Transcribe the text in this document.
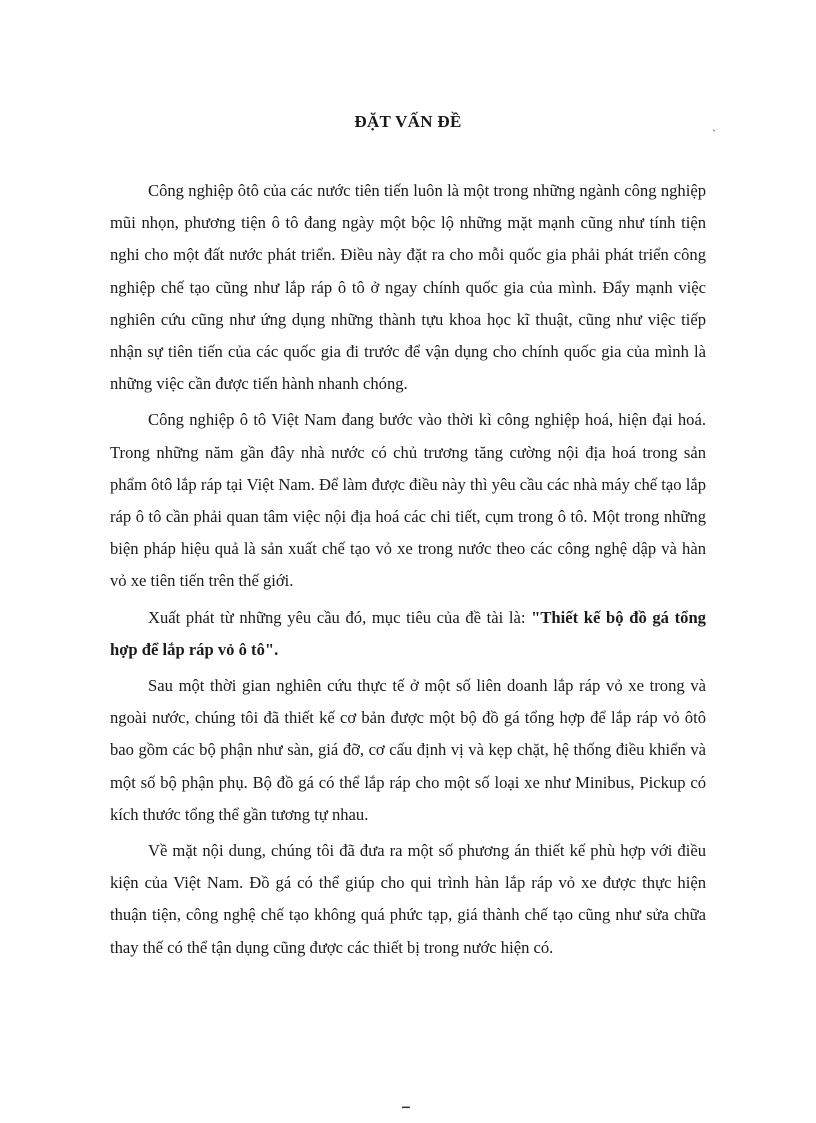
ĐẶT VẤN ĐỀ	ˎ

Công nghiệp ôtô của các nước tiên tiến luôn là một trong những ngành công nghiệp mũi nhọn, phương tiện ô tô đang ngày một bộc lộ những mặt mạnh cũng như tính tiện nghi cho một đất nước phát triển. Điều này đặt ra cho mỗi quốc gia phải phát triển công nghiệp chế tạo cũng như lắp ráp ô tô ở ngay chính quốc gia của mình. Đẩy mạnh việc nghiên cứu cũng như ứng dụng những thành tựu khoa học kĩ thuật, cũng như việc tiếp nhận sự tiên tiến của các quốc gia đi trước để vận dụng cho chính quốc gia của mình là những việc cần được tiến hành nhanh chóng.

Công nghiệp ô tô Việt Nam đang bước vào thời kì công nghiệp hoá, hiện đại hoá. Trong những năm gần đây nhà nước có chủ trương tăng cường nội địa hoá trong sản phẩm ôtô lắp ráp tại Việt Nam. Để làm được điều này thì yêu cầu các nhà máy chế tạo lắp ráp ô tô cần phải quan tâm việc nội địa hoá các chi tiết, cụm trong ô tô. Một trong những biện pháp hiệu quả là sản xuất chế tạo vỏ xe trong nước theo các công nghệ dập và hàn vỏ xe tiên tiến trên thế giới.

Xuất phát từ những yêu cầu đó, mục tiêu của đề tài là: "Thiết kế bộ đồ gá tổng hợp để lắp ráp vỏ ô tô".

Sau một thời gian nghiên cứu thực tế ở một số liên doanh lắp ráp vỏ xe trong và ngoài nước, chúng tôi đã thiết kế cơ bản được một bộ đồ gá tổng hợp để lắp ráp vỏ ôtô bao gồm các bộ phận như sàn, giá đỡ, cơ cấu định vị và kẹp chặt, hệ thống điều khiển và một số bộ phận phụ. Bộ đồ gá có thể lắp ráp cho một số loại xe như Minibus, Pickup có kích thước tổng thể gần tương tự nhau.

Về mặt nội dung, chúng tôi đã đưa ra một số phương án thiết kế phù hợp với điều kiện của Việt Nam. Đồ gá có thể giúp cho qui trình hàn lắp ráp vỏ xe được thực hiện thuận tiện, công nghệ chế tạo không quá phức tạp, giá thành chế tạo cũng như sửa chữa thay thế có thể tận dụng cũng được các thiết bị trong nước hiện có.

▔
